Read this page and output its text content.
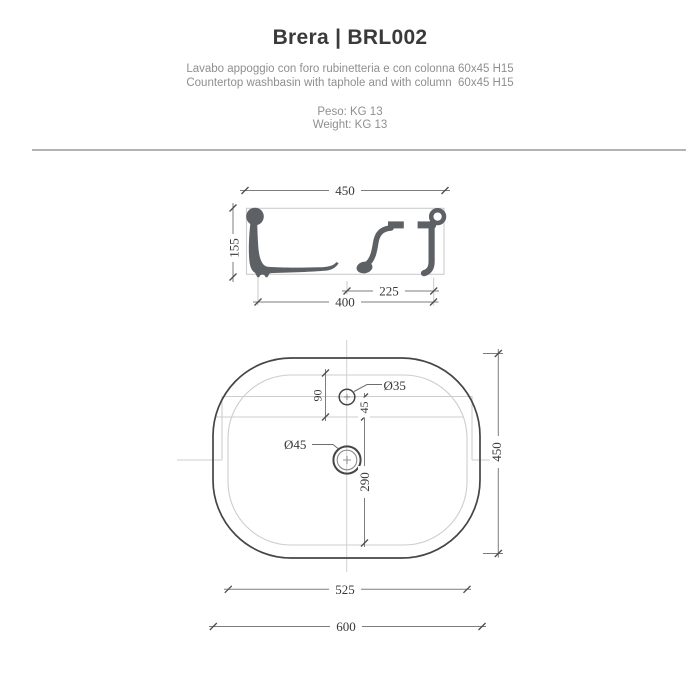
Brera | BRL002
Lavabo appoggio con foro rubinetteria e con colonna 60x45 H15
Countertop washbasin with taphole and with column  60x45 H15
Peso: KG 13
Weight: KG 13
450
155
225
400
Ø35
Ø45
90
45
290
450
525
600
